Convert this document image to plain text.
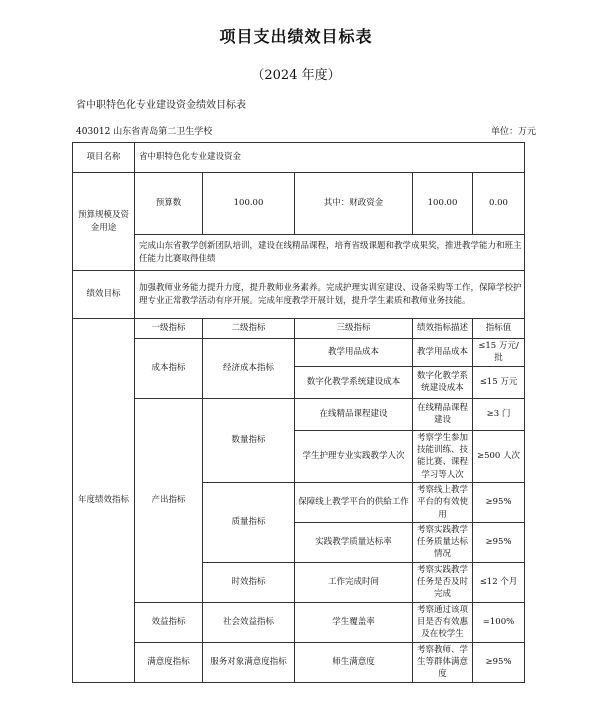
项目支出绩效目标表
（2024 年度）
省中职特色化专业建设资金绩效目标表
403012 山东省青岛第二卫生学校	单位：万元
项目名称	省中职特色化专业建设资金				
预算规模及资金用途	预算数	100.00	其中：财政资金	100.00	0.00
	完成山东省教学创新团队培训，建设在线精品课程，培育省级课题和教学成果奖，推进教学能力和班主任能力比赛取得佳绩				
绩效目标	加强教师业务能力提升力度，提升教师业务素养。完成护理实训室建设、设备采购等工作，保障学校护理专业正常教学活动有序开展。完成年度教学开展计划，提升学生素质和教师业务技能。				
年度绩效指标	一级指标	二级指标	三级指标	绩效指标描述	指标值
	成本指标	经济成本指标	教学用品成本	教学用品成本	≤15 万元/批
			数字化教学系统建设成本	数字化教学系统建设成本	≤15 万元
	产出指标	数量指标	在线精品课程建设	在线精品课程建设	≥3 门
			学生护理专业实践教学人次	考察学生参加技能训练、技能比赛、课程学习等人次	≥500 人次
		质量指标	保障线上教学平台的供給工作	考察线上教学平台的有效使用	≥95%
			实践教学质量达标率	考察实践教学任务质量达标情况	≥95%
		时效指标	工作完成时间	考察实践教学任务是否及时完成	≤12 个月
	效益指标	社会效益指标	学生覆盖率	考察通过该项目是否有效惠及在校学生	=100%
	满意度指标	服务对象满意度指标	师生满意度	考察教师、学生等群体满意度	≥95%
